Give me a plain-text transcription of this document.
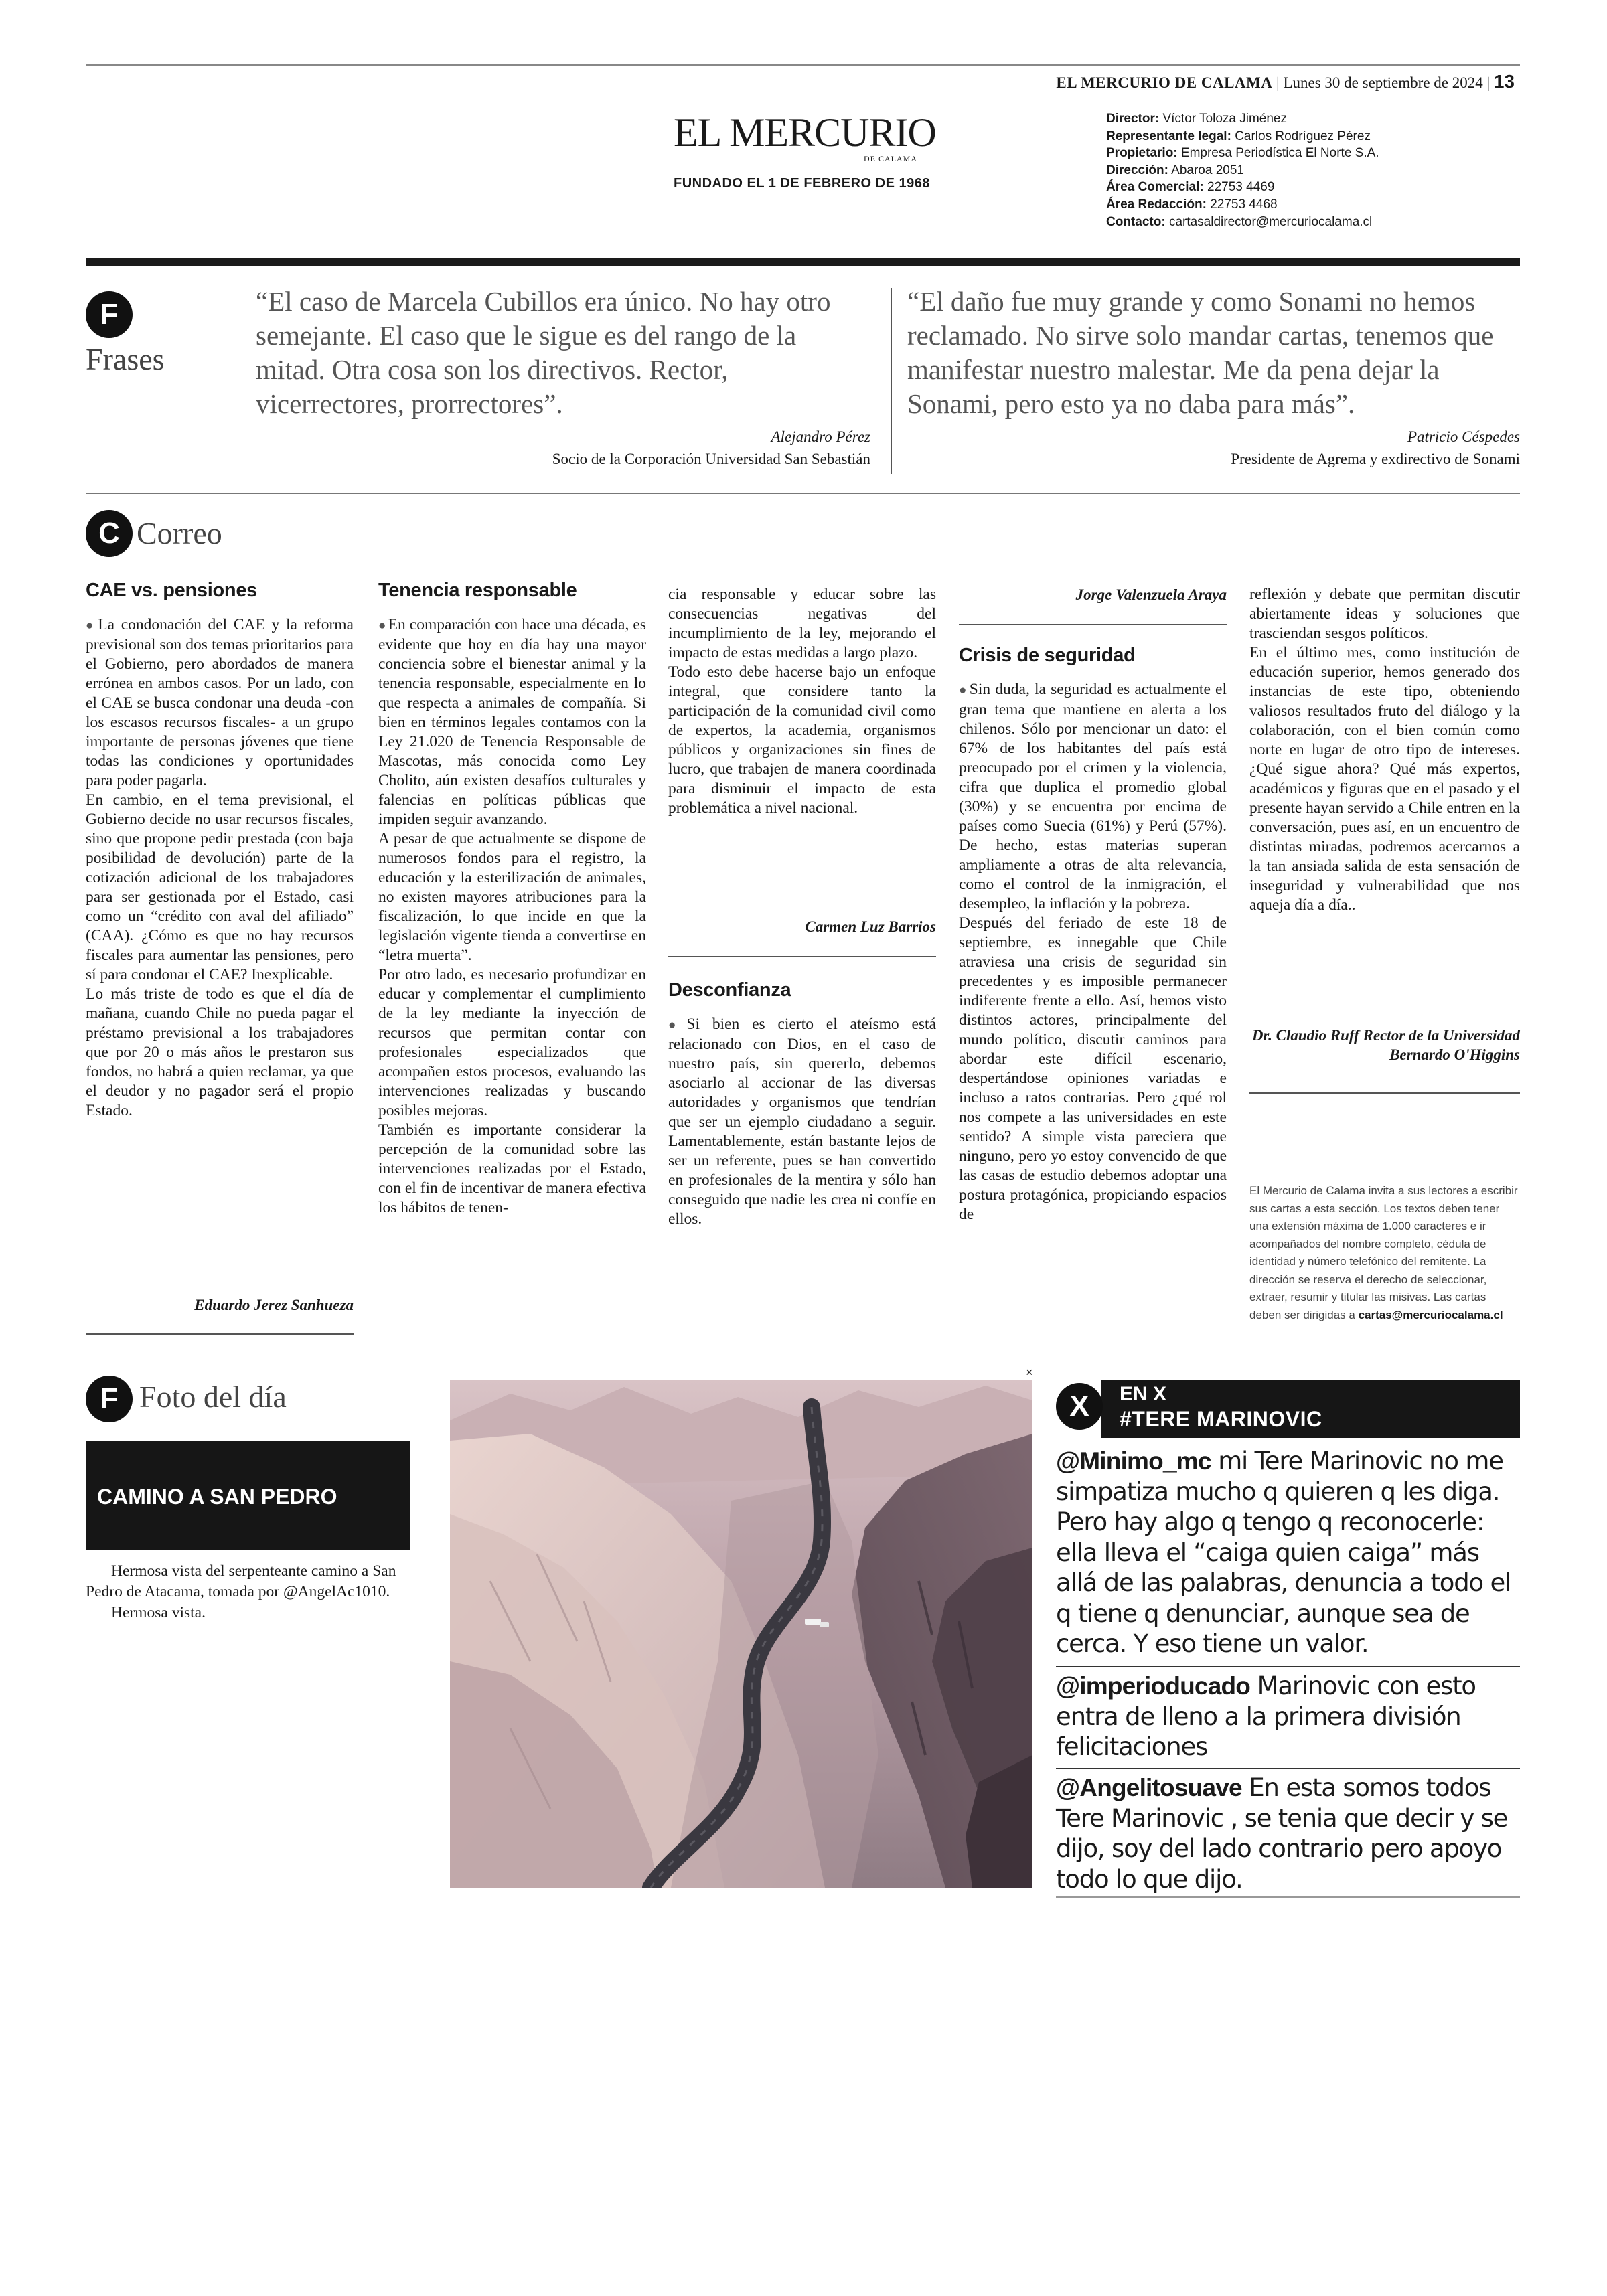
EL MERCURIO DE CALAMA | Lunes 30 de septiembre de 2024 | 13
EL MERCURIO
DE CALAMA
FUNDADO EL 1 DE FEBRERO DE 1968
Director: Víctor Toloza Jiménez
Representante legal: Carlos Rodríguez Pérez
Propietario: Empresa Periodística El Norte S.A.
Dirección: Abaroa 2051
Área Comercial: 22753 4469
Área Redacción: 22753 4468
Contacto: cartasaldirector@mercuriocalama.cl
F
Frases
“El caso de Marcela Cubillos era único. No hay otro semejante. El caso que le sigue es del rango de la mitad. Otra cosa son los directivos. Rector, vicerrectores, prorrectores”.
Alejandro Pérez
Socio de la Corporación Universidad San Sebastián
“El daño fue muy grande y como Sonami no hemos reclamado. No sirve solo mandar cartas, tenemos que manifestar nuestro malestar. Me da pena dejar la Sonami, pero esto ya no daba para más”.
Patricio Céspedes
Presidente de Agrema y exdirectivo de Sonami
C Correo
CAE vs. pensiones

● La condonación del CAE y la reforma previsional son dos temas prioritarios para el Gobierno, pero abordados de manera errónea en ambos casos. Por un lado, con el CAE se busca condonar una deuda -con los escasos recursos fiscales- a un grupo importante de personas jóvenes que tiene todas las condiciones y oportunidades para poder pagarla.

En cambio, en el tema previsional, el Gobierno decide no usar recursos fiscales, sino que propone pedir prestada (con baja posibilidad de devolución) parte de la cotización adicional de los trabajadores para ser gestionada por el Estado, casi como un “crédito con aval del afiliado” (CAA). ¿Cómo es que no hay recursos fiscales para aumentar las pensiones, pero sí para condonar el CAE? Inexplicable.

Lo más triste de todo es que el día de mañana, cuando Chile no pueda pagar el préstamo previsional a los trabajadores que por 20 o más años le prestaron sus fondos, no habrá a quien reclamar, ya que el deudor y no pagador será el propio Estado.

Eduardo Jerez Sanhueza
Tenencia responsable

● En comparación con hace una década, es evidente que hoy en día hay una mayor conciencia sobre el bienestar animal y la tenencia responsable, especialmente en lo que respecta a animales de compañía. Si bien en términos legales contamos con la Ley 21.020 de Tenencia Responsable de Mascotas, más conocida como Ley Cholito, aún existen desafíos culturales y falencias en políticas públicas que impiden seguir avanzando.

A pesar de que actualmente se dispone de numerosos fondos para el registro, la educación y la esterilización de animales, no existen mayores atribuciones para la fiscalización, lo que incide en que la legislación vigente tienda a convertirse en “letra muerta”.

Por otro lado, es necesario profundizar en educar y complementar el cumplimiento de la ley mediante la inyección de recursos que permitan contar con profesionales especializados que acompañen estos procesos, evaluando las intervenciones realizadas y buscando posibles mejoras.

También es importante considerar la percepción de la comunidad sobre las intervenciones realizadas por el Estado, con el fin de incentivar de manera efectiva los hábitos de tenen-

cia responsable y educar sobre las consecuencias negativas del incumplimiento de la ley, mejorando el impacto de estas medidas a largo plazo.

Todo esto debe hacerse bajo un enfoque integral, que considere tanto la participación de la comunidad civil como de expertos, la academia, organismos públicos y organizaciones sin fines de lucro, que trabajen de manera coordinada para disminuir el impacto de esta problemática a nivel nacional.

Carmen Luz Barrios
Desconfianza

● Si bien es cierto el ateísmo está relacionado con Dios, en el caso de nuestro país, sin quererlo, debemos asociarlo al accionar de las diversas autoridades y organismos que tendrían que ser un ejemplo ciudadano a seguir. Lamentablemente, están bastante lejos de ser un referente, pues se han convertido en profesionales de la mentira y sólo han conseguido que nadie les crea ni confíe en ellos.

Jorge Valenzuela Araya
Crisis de seguridad

● Sin duda, la seguridad es actualmente el gran tema que mantiene en alerta a los chilenos. Sólo por mencionar un dato: el 67% de los habitantes del país está preocupado por el crimen y la violencia, cifra que duplica el promedio global (30%) y se encuentra por encima de países como Suecia (61%) y Perú (57%). De hecho, estas materias superan ampliamente a otras de alta relevancia, como el control de la inmigración, el desempleo, la inflación y la pobreza.

Después del feriado de este 18 de septiembre, es innegable que Chile atraviesa una crisis de seguridad sin precedentes y es imposible permanecer indiferente frente a ello. Así, hemos visto distintos actores, principalmente del mundo político, discutir caminos para abordar este difícil escenario, despertándose opiniones variadas e incluso a ratos contrarias. Pero ¿qué rol nos compete a las universidades en este sentido? A simple vista pareciera que ninguno, pero yo estoy convencido de que las casas de estudio debemos adoptar una postura protagónica, propiciando espacios de

reflexión y debate que permitan discutir abiertamente ideas y soluciones que trasciendan sesgos políticos.

En el último mes, como institución de educación superior, hemos generado dos instancias de este tipo, obteniendo valiosos resultados fruto del diálogo y la colaboración, con el bien común como norte en lugar de otro tipo de intereses. ¿Qué sigue ahora? Qué más expertos, académicos y figuras que en el pasado y el presente hayan servido a Chile entren en la conversación, pues así, en un encuentro de distintas miradas, podremos acercarnos a la tan ansiada salida de esta sensación de inseguridad y vulnerabilidad que nos aqueja día a día..

Dr. Claudio Ruff Rector de la Universidad Bernardo O'Higgins
El Mercurio de Calama invita a sus lectores a escribir sus cartas a esta sección. Los textos deben tener una extensión máxima de 1.000 caracteres e ir acompañados del nombre completo, cédula de identidad y número telefónico del remitente. La dirección se reserva el derecho de seleccionar, extraer, resumir y titular las misivas. Las cartas deben ser dirigidas a cartas@mercuriocalama.cl
F Foto del día
CAMINO A SAN PEDRO
Hermosa vista del serpenteante camino a San Pedro de Atacama, tomada por @AngelAc1010.
Hermosa vista.
×
X	EN X
#TERE MARINOVIC
@Minimo_mc mi Tere Marinovic no me simpatiza mucho q quieren q les diga. Pero hay algo q tengo q reconocerle: ella lleva el “caiga quien caiga” más allá de las palabras, denuncia a todo el q tiene q denunciar, aunque sea de cerca. Y eso tiene un valor.
@imperioducado Marinovic con esto entra de lleno a la primera división felicitaciones
@Angelitosuave En esta somos todos Tere Marinovic , se tenia que decir y se dijo, soy del lado contrario pero apoyo todo lo que dijo.
